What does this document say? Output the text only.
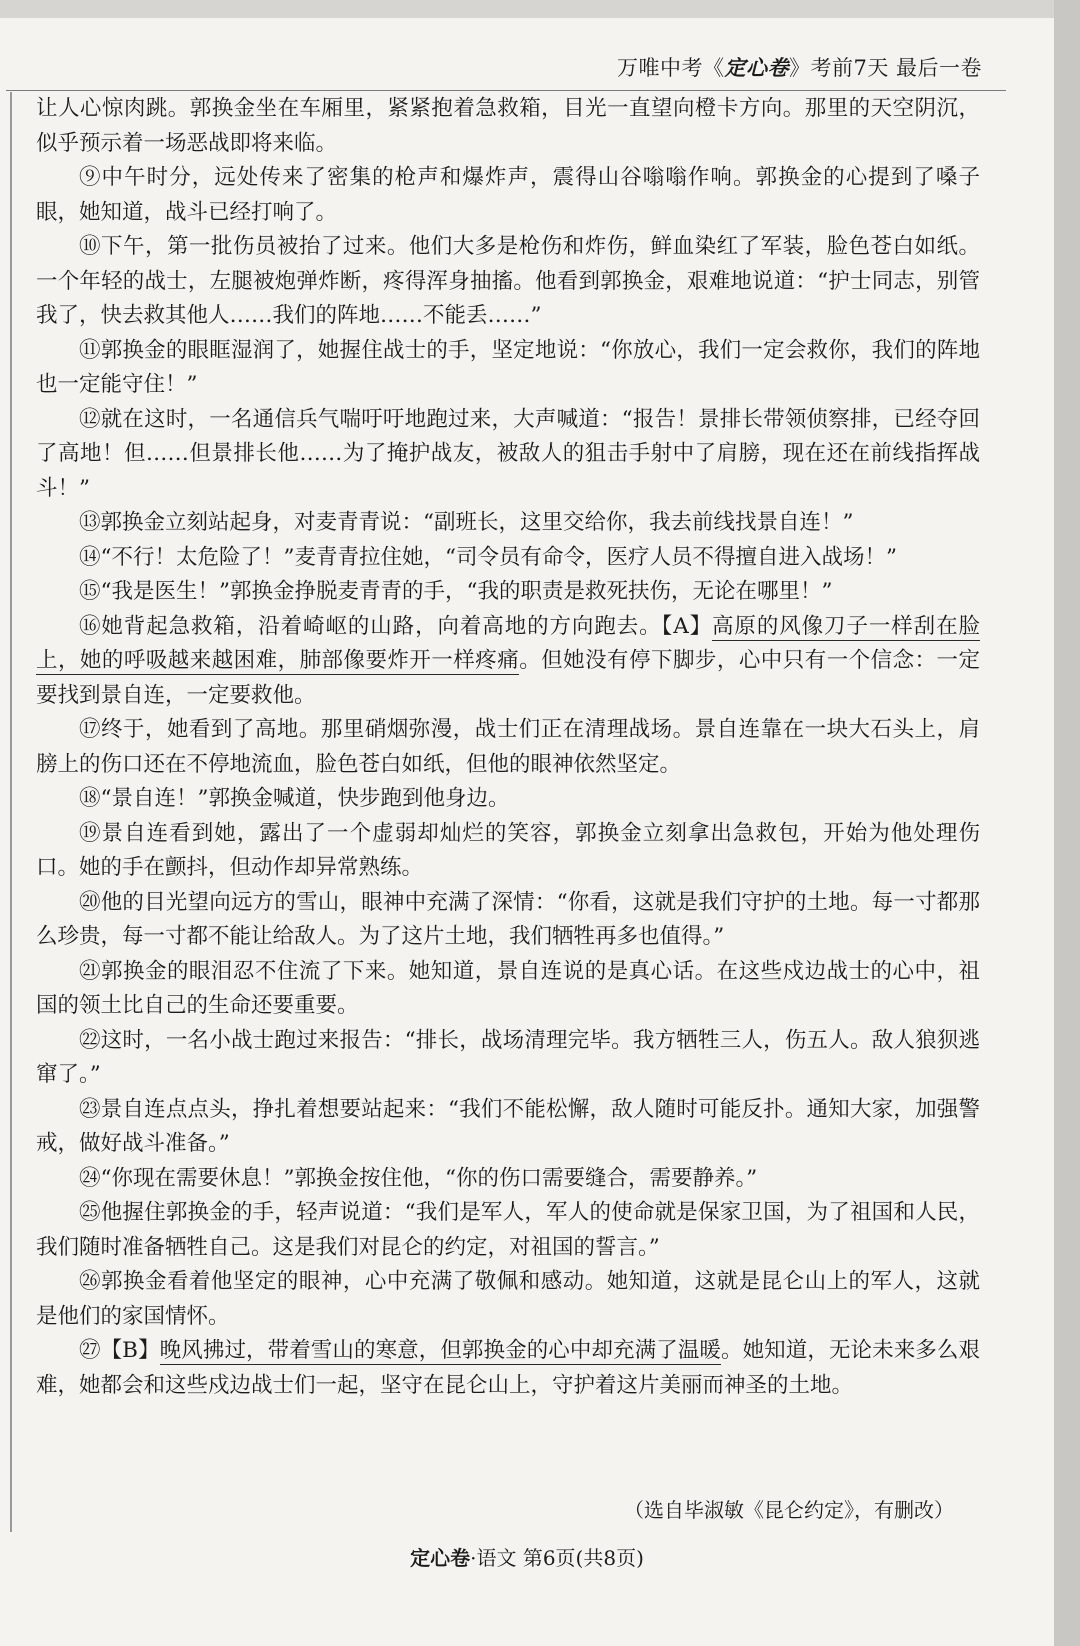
万唯中考《定心卷》考前7天 最后一卷

让人心惊肉跳。郭换金坐在车厢里，紧紧抱着急救箱，目光一直望向橙卡方向。那里的天空阴沉，似乎预示着一场恶战即将来临。

⑨中午时分，远处传来了密集的枪声和爆炸声，震得山谷嗡嗡作响。郭换金的心提到了嗓子眼，她知道，战斗已经打响了。

⑩下午，第一批伤员被抬了过来。他们大多是枪伤和炸伤，鲜血染红了军装，脸色苍白如纸。一个年轻的战士，左腿被炮弹炸断，疼得浑身抽搐。他看到郭换金，艰难地说道：“护士同志，别管我了，快去救其他人……我们的阵地……不能丢……”

⑪郭换金的眼眶湿润了，她握住战士的手，坚定地说：“你放心，我们一定会救你，我们的阵地也一定能守住！”

⑫就在这时，一名通信兵气喘吁吁地跑过来，大声喊道：“报告！景排长带领侦察排，已经夺回了高地！但……但景排长他……为了掩护战友，被敌人的狙击手射中了肩膀，现在还在前线指挥战斗！”

⑬郭换金立刻站起身，对麦青青说：“副班长，这里交给你，我去前线找景自连！”

⑭“不行！太危险了！”麦青青拉住她，“司令员有命令，医疗人员不得擅自进入战场！”

⑮“我是医生！”郭换金挣脱麦青青的手，“我的职责是救死扶伤，无论在哪里！”

⑯她背起急救箱，沿着崎岖的山路，向着高地的方向跑去。【A】高原的风像刀子一样刮在脸上，她的呼吸越来越困难，肺部像要炸开一样疼痛。但她没有停下脚步，心中只有一个信念：一定要找到景自连，一定要救他。

⑰终于，她看到了高地。那里硝烟弥漫，战士们正在清理战场。景自连靠在一块大石头上，肩膀上的伤口还在不停地流血，脸色苍白如纸，但他的眼神依然坚定。

⑱“景自连！”郭换金喊道，快步跑到他身边。

⑲景自连看到她，露出了一个虚弱却灿烂的笑容，郭换金立刻拿出急救包，开始为他处理伤口。她的手在颤抖，但动作却异常熟练。

⑳他的目光望向远方的雪山，眼神中充满了深情：“你看，这就是我们守护的土地。每一寸都那么珍贵，每一寸都不能让给敌人。为了这片土地，我们牺牲再多也值得。”

㉑郭换金的眼泪忍不住流了下来。她知道，景自连说的是真心话。在这些戍边战士的心中，祖国的领土比自己的生命还要重要。

㉒这时，一名小战士跑过来报告：“排长，战场清理完毕。我方牺牲三人，伤五人。敌人狼狈逃窜了。”

㉓景自连点点头，挣扎着想要站起来：“我们不能松懈，敌人随时可能反扑。通知大家，加强警戒，做好战斗准备。”

㉔“你现在需要休息！”郭换金按住他，“你的伤口需要缝合，需要静养。”

㉕他握住郭换金的手，轻声说道：“我们是军人，军人的使命就是保家卫国，为了祖国和人民，我们随时准备牺牲自己。这是我们对昆仑的约定，对祖国的誓言。”

㉖郭换金看着他坚定的眼神，心中充满了敬佩和感动。她知道，这就是昆仑山上的军人，这就是他们的家国情怀。

㉗【B】晚风拂过，带着雪山的寒意，但郭换金的心中却充满了温暖。她知道，无论未来多么艰难，她都会和这些戍边战士们一起，坚守在昆仑山上，守护着这片美丽而神圣的土地。

（选自毕淑敏《昆仑约定》，有删改）
定心卷·语文 第6页(共8页)
